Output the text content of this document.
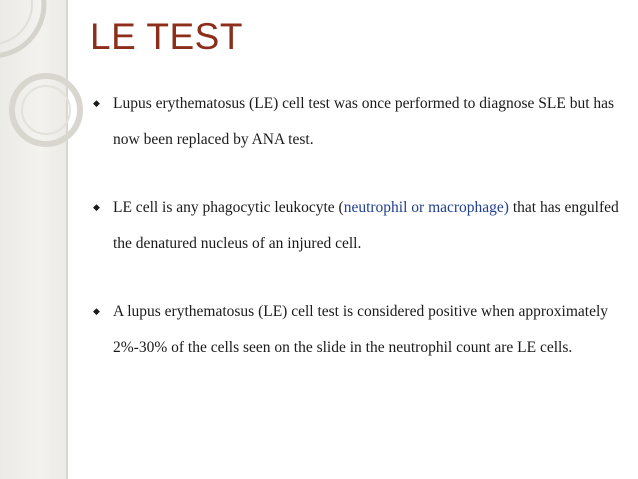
LE TEST
◆ Lupus erythematosus (LE) cell test was once performed to diagnose SLE but has now been replaced by ANA test.
◆ LE cell is any phagocytic leukocyte (neutrophil or macrophage) that has engulfed the denatured nucleus of an injured cell.
◆ A lupus erythematosus (LE) cell test is considered positive when approximately 2%-30% of the cells seen on the slide in the neutrophil count are LE cells.
